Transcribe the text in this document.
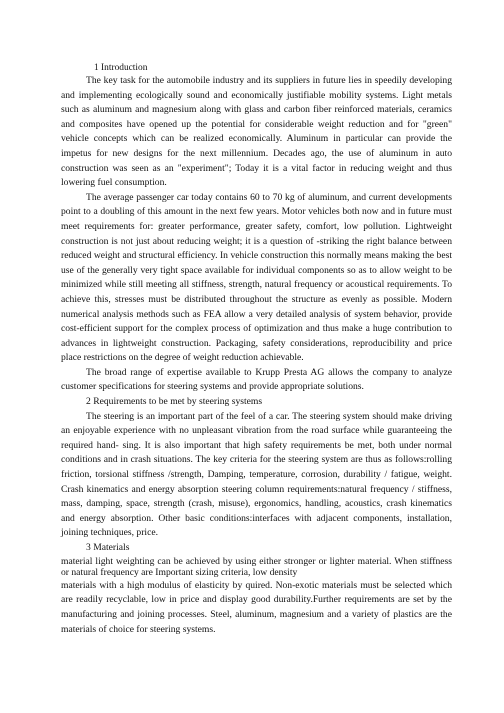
1 Introduction

The key task for the automobile industry and its suppliers in future lies in speedily developing and implementing ecologically sound and economically justifiable mobility systems. Light metals such as aluminum and magnesium along with glass and carbon fiber reinforced materials, ceramics and composites have opened up the potential for considerable weight reduction and for "green" vehicle concepts which can be realized economically. Aluminum in particular can provide the impetus for new designs for the next millennium. Decades ago, the use of aluminum in auto construction was seen as an "experiment"; Today it is a vital factor in reducing weight and thus lowering fuel consumption.

The average passenger car today contains 60 to 70 kg of aluminum, and current developments point to a doubling of this amount in the next few years. Motor vehicles both now and in future must meet requirements for: greater performance, greater safety, comfort, low pollution. Lightweight construction is not just about reducing weight; it is a question of -striking the right balance between reduced weight and structural efficiency. In vehicle construction this normally means making the best use of the generally very tight space available for individual components so as to allow weight to be minimized while still meeting all stiffness, strength, natural frequency or acoustical requirements. To achieve this, stresses must be distributed throughout the structure as evenly as possible. Modern numerical analysis methods such as FEA allow a very detailed analysis of system behavior, provide cost-efficient support for the complex process of optimization and thus make a huge contribution to advances in lightweight construction. Packaging, safety considerations, reproducibility and price place restrictions on the degree of weight reduction achievable.

The broad range of expertise available to Krupp Presta AG allows the company to analyze customer specifications for steering systems and provide appropriate solutions.

2 Requirements to be met by steering systems

The steering is an important part of the feel of a car. The steering system should make driving an enjoyable experience with no unpleasant vibration from the road surface while guaranteeing the required hand- sing. It is also important that high safety requirements be met, both under normal conditions and in crash situations. The key criteria for the steering system are thus as follows:rolling friction, torsional stiffness /strength, Damping, temperature, corrosion, durability / fatigue, weight. Crash kinematics and energy absorption steering column requirements:natural frequency / stiffness, mass, damping, space, strength (crash, misuse), ergonomics, handling, acoustics, crash kinematics and energy absorption. Other basic conditions:interfaces with adjacent components, installation, joining techniques, price.

3 Materials

material light weighting can be achieved by using either stronger or lighter material. When stiffness or natural frequency are Important sizing criteria, low density

materials with a high modulus of elasticity by quired. Non-exotic materials must be selected which are readily recyclable, low in price and display good durability.Further requirements are set by the manufacturing and joining processes. Steel, aluminum, magnesium and a variety of plastics are the materials of choice for steering systems.
